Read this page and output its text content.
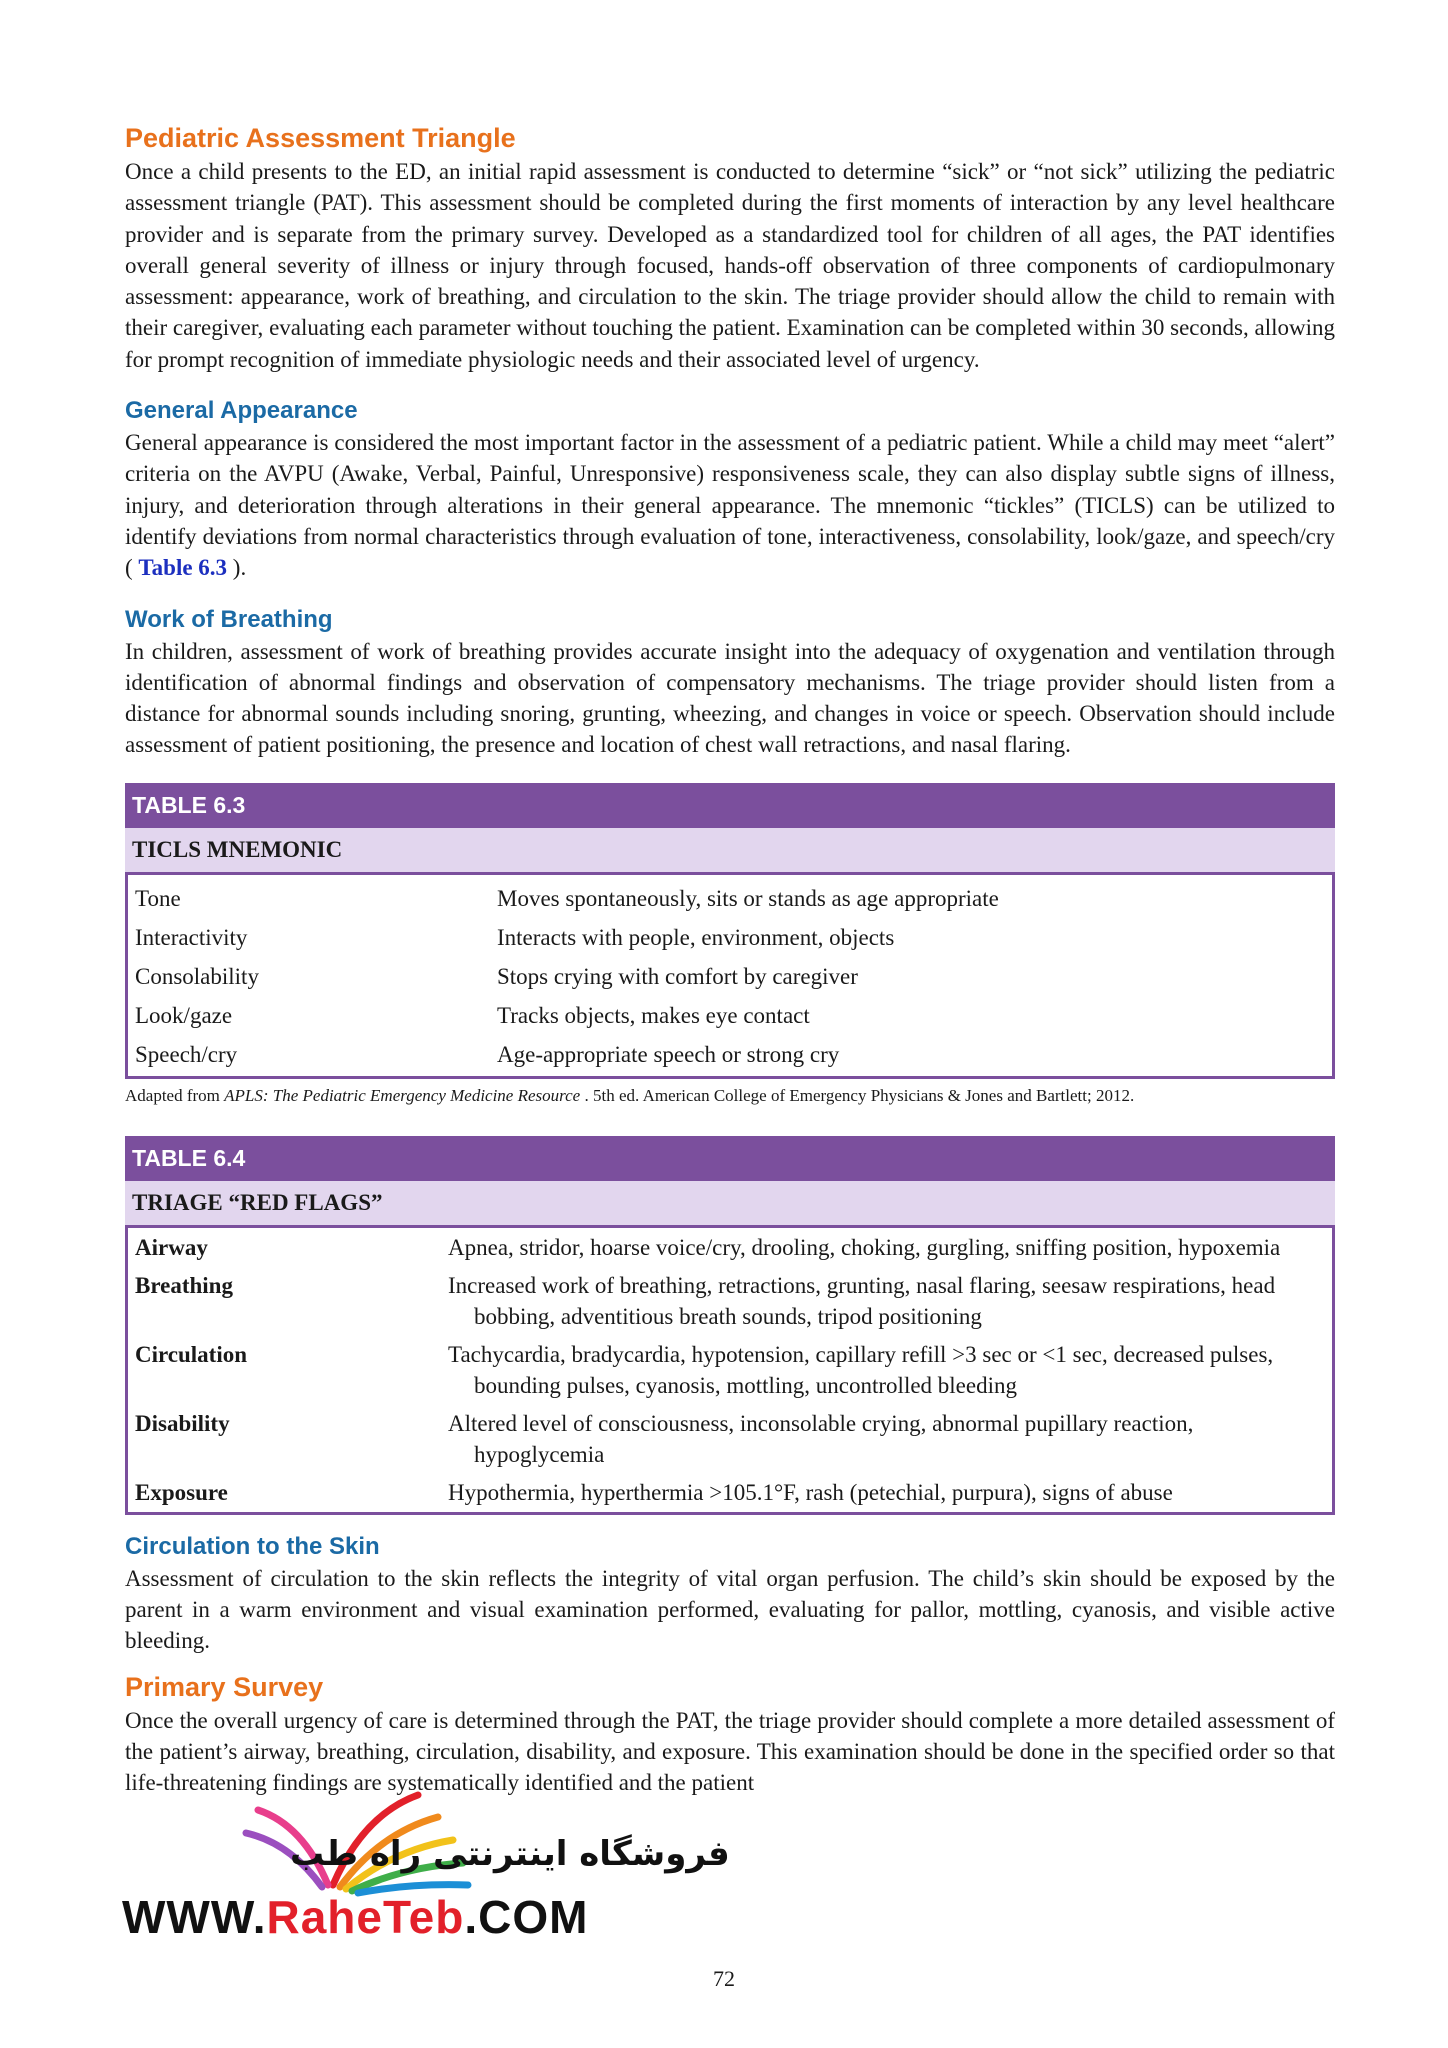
Pediatric Assessment Triangle

Once a child presents to the ED, an initial rapid assessment is conducted to determine “sick” or “not sick” utilizing the pediatric assessment triangle (PAT). This assessment should be completed during the first moments of interaction by any level healthcare provider and is separate from the primary survey. Developed as a standardized tool for children of all ages, the PAT identifies overall general severity of illness or injury through focused, hands-off observation of three components of cardiopulmonary assessment: appearance, work of breathing, and circulation to the skin. The triage provider should allow the child to remain with their caregiver, evaluating each parameter without touching the patient. Examination can be completed within 30 seconds, allowing for prompt recognition of immediate physiologic needs and their associated level of urgency.

General Appearance

General appearance is considered the most important factor in the assessment of a pediatric patient. While a child may meet “alert” criteria on the AVPU (Awake, Verbal, Painful, Unresponsive) responsiveness scale, they can also display subtle signs of illness, injury, and deterioration through alterations in their general appearance. The mnemonic “tickles” (TICLS) can be utilized to identify deviations from normal characteristics through evaluation of tone, interactiveness, consolability, look/gaze, and speech/cry ( Table 6.3 ).

Work of Breathing

In children, assessment of work of breathing provides accurate insight into the adequacy of oxygenation and ventilation through identification of abnormal findings and observation of compensatory mechanisms. The triage provider should listen from a distance for abnormal sounds including snoring, grunting, wheezing, and changes in voice or speech. Observation should include assessment of patient positioning, the presence and location of chest wall retractions, and nasal flaring.

TABLE 6.3
TICLS MNEMONIC
Tone	Moves spontaneously, sits or stands as age appropriate
Interactivity	Interacts with people, environment, objects
Consolability	Stops crying with comfort by caregiver
Look/gaze	Tracks objects, makes eye contact
Speech/cry	Age-appropriate speech or strong cry

Adapted from APLS: The Pediatric Emergency Medicine Resource . 5th ed. American College of Emergency Physicians & Jones and Bartlett; 2012.

TABLE 6.4
TRIAGE “RED FLAGS”
Airway	Apnea, stridor, hoarse voice/cry, drooling, choking, gurgling, sniffing position, hypoxemia
Breathing	Increased work of breathing, retractions, grunting, nasal flaring, seesaw respirations, head bobbing, adventitious breath sounds, tripod positioning
Circulation	Tachycardia, bradycardia, hypotension, capillary refill >3 sec or <1 sec, decreased pulses, bounding pulses, cyanosis, mottling, uncontrolled bleeding
Disability	Altered level of consciousness, inconsolable crying, abnormal pupillary reaction, hypoglycemia
Exposure	Hypothermia, hyperthermia >105.1°F, rash (petechial, purpura), signs of abuse
Circulation to the Skin

Assessment of circulation to the skin reflects the integrity of vital organ perfusion. The child’s skin should be exposed by the parent in a warm environment and visual examination performed, evaluating for pallor, mottling, cyanosis, and visible active bleeding.

Primary Survey

Once the overall urgency of care is determined through the PAT, the triage provider should complete a more detailed assessment of the patient’s airway, breathing, circulation, disability, and exposure. This examination should be done in the specified order so that life-threatening findings are systematically identified and the patient

فروشگاه اینترنتی راه طب
WWW.RaheTeb.COM
72
